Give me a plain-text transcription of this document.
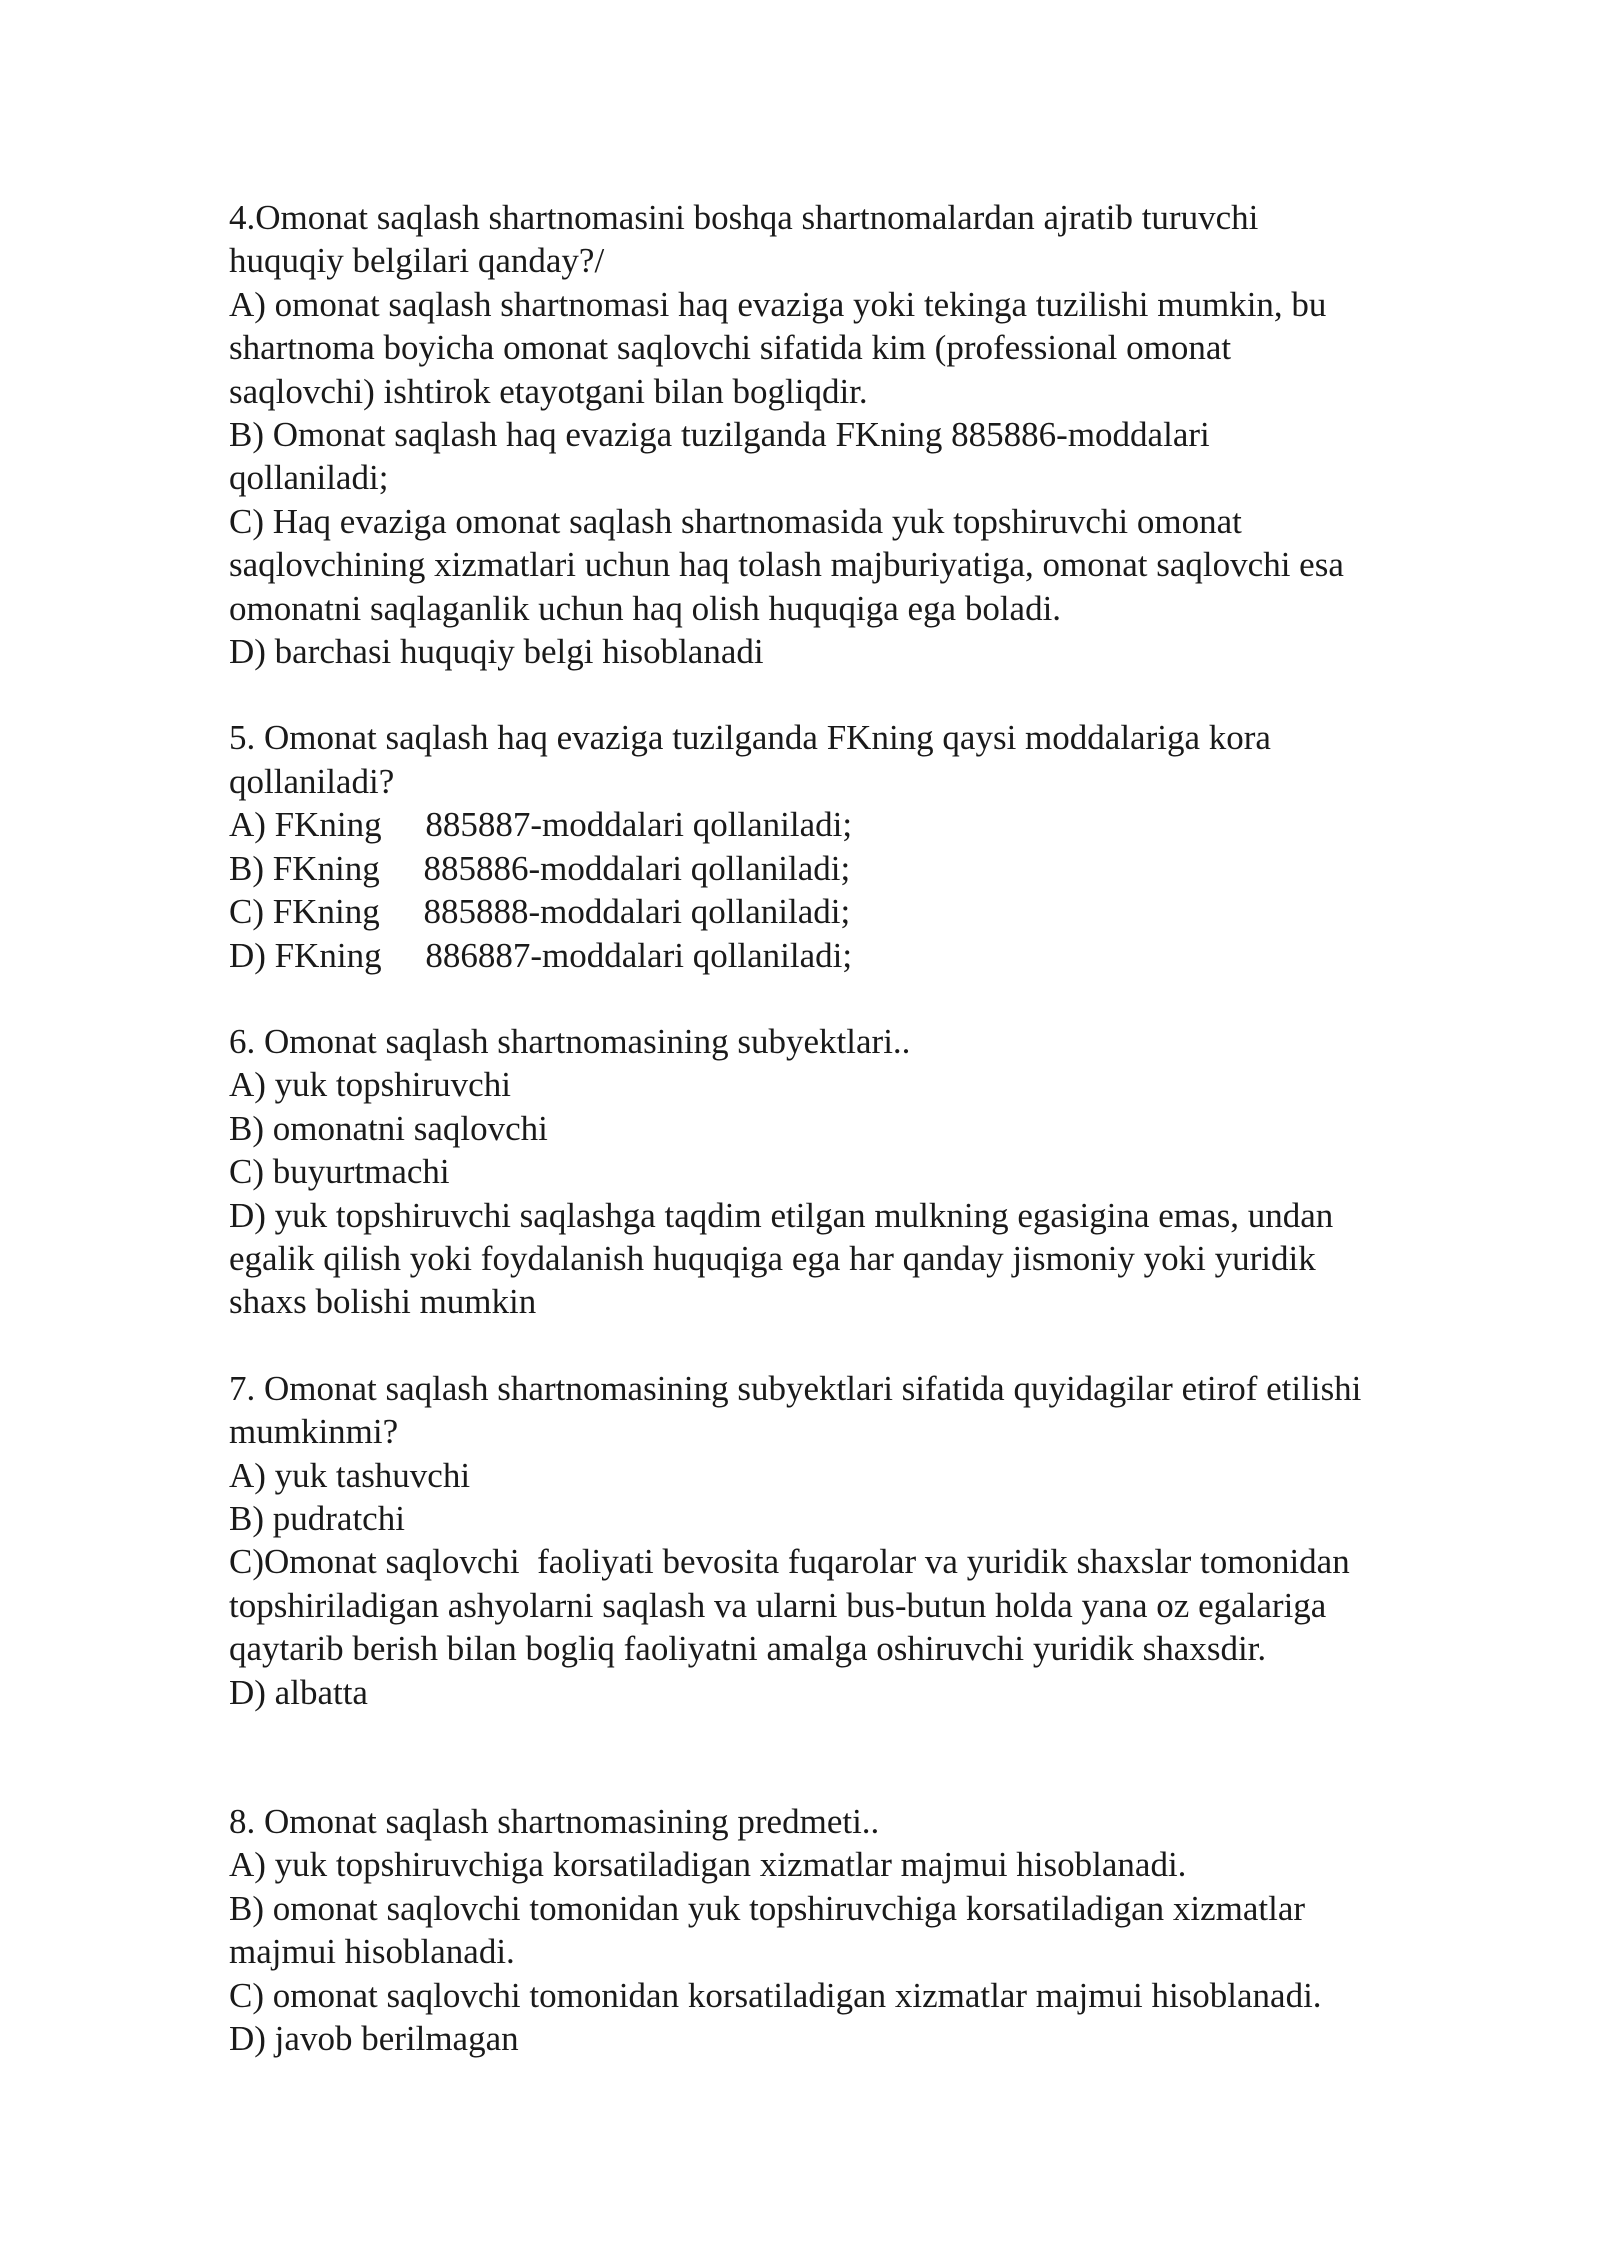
4.Omonat saqlash shartnomasini boshqa shartnomalardan ajratib turuvchi
huquqiy belgilari qanday?/
A) omonat saqlash shartnomasi haq evaziga yoki tekinga tuzilishi mumkin, bu
shartnoma boyicha omonat saqlovchi sifatida kim (professional omonat
saqlovchi) ishtirok etayotgani bilan bogliqdir.
B) Omonat saqlash haq evaziga tuzilganda FKning 885886-moddalari
qollaniladi;
C) Haq evaziga omonat saqlash shartnomasida yuk topshiruvchi omonat
saqlovchining xizmatlari uchun haq tolash majburiyatiga, omonat saqlovchi esa
omonatni saqlaganlik uchun haq olish huquqiga ega boladi.
D) barchasi huquqiy belgi hisoblanadi
5. Omonat saqlash haq evaziga tuzilganda FKning qaysi moddalariga kora
qollaniladi?
A) FKning     885887-moddalari qollaniladi;
B) FKning     885886-moddalari qollaniladi;
C) FKning     885888-moddalari qollaniladi;
D) FKning     886887-moddalari qollaniladi;
6. Omonat saqlash shartnomasining subyektlari..
A) yuk topshiruvchi
B) omonatni saqlovchi
C) buyurtmachi
D) yuk topshiruvchi saqlashga taqdim etilgan mulkning egasigina emas, undan
egalik qilish yoki foydalanish huquqiga ega har qanday jismoniy yoki yuridik
shaxs bolishi mumkin
7. Omonat saqlash shartnomasining subyektlari sifatida quyidagilar etirof etilishi
mumkinmi?
A) yuk tashuvchi
B) pudratchi
C)Omonat saqlovchi  faoliyati bevosita fuqarolar va yuridik shaxslar tomonidan
topshiriladigan ashyolarni saqlash va ularni bus-butun holda yana oz egalariga
qaytarib berish bilan bogliq faoliyatni amalga oshiruvchi yuridik shaxsdir.
D) albatta
8. Omonat saqlash shartnomasining predmeti..
A) yuk topshiruvchiga korsatiladigan xizmatlar majmui hisoblanadi.
B) omonat saqlovchi tomonidan yuk topshiruvchiga korsatiladigan xizmatlar
majmui hisoblanadi.
C) omonat saqlovchi tomonidan korsatiladigan xizmatlar majmui hisoblanadi.
D) javob berilmagan
